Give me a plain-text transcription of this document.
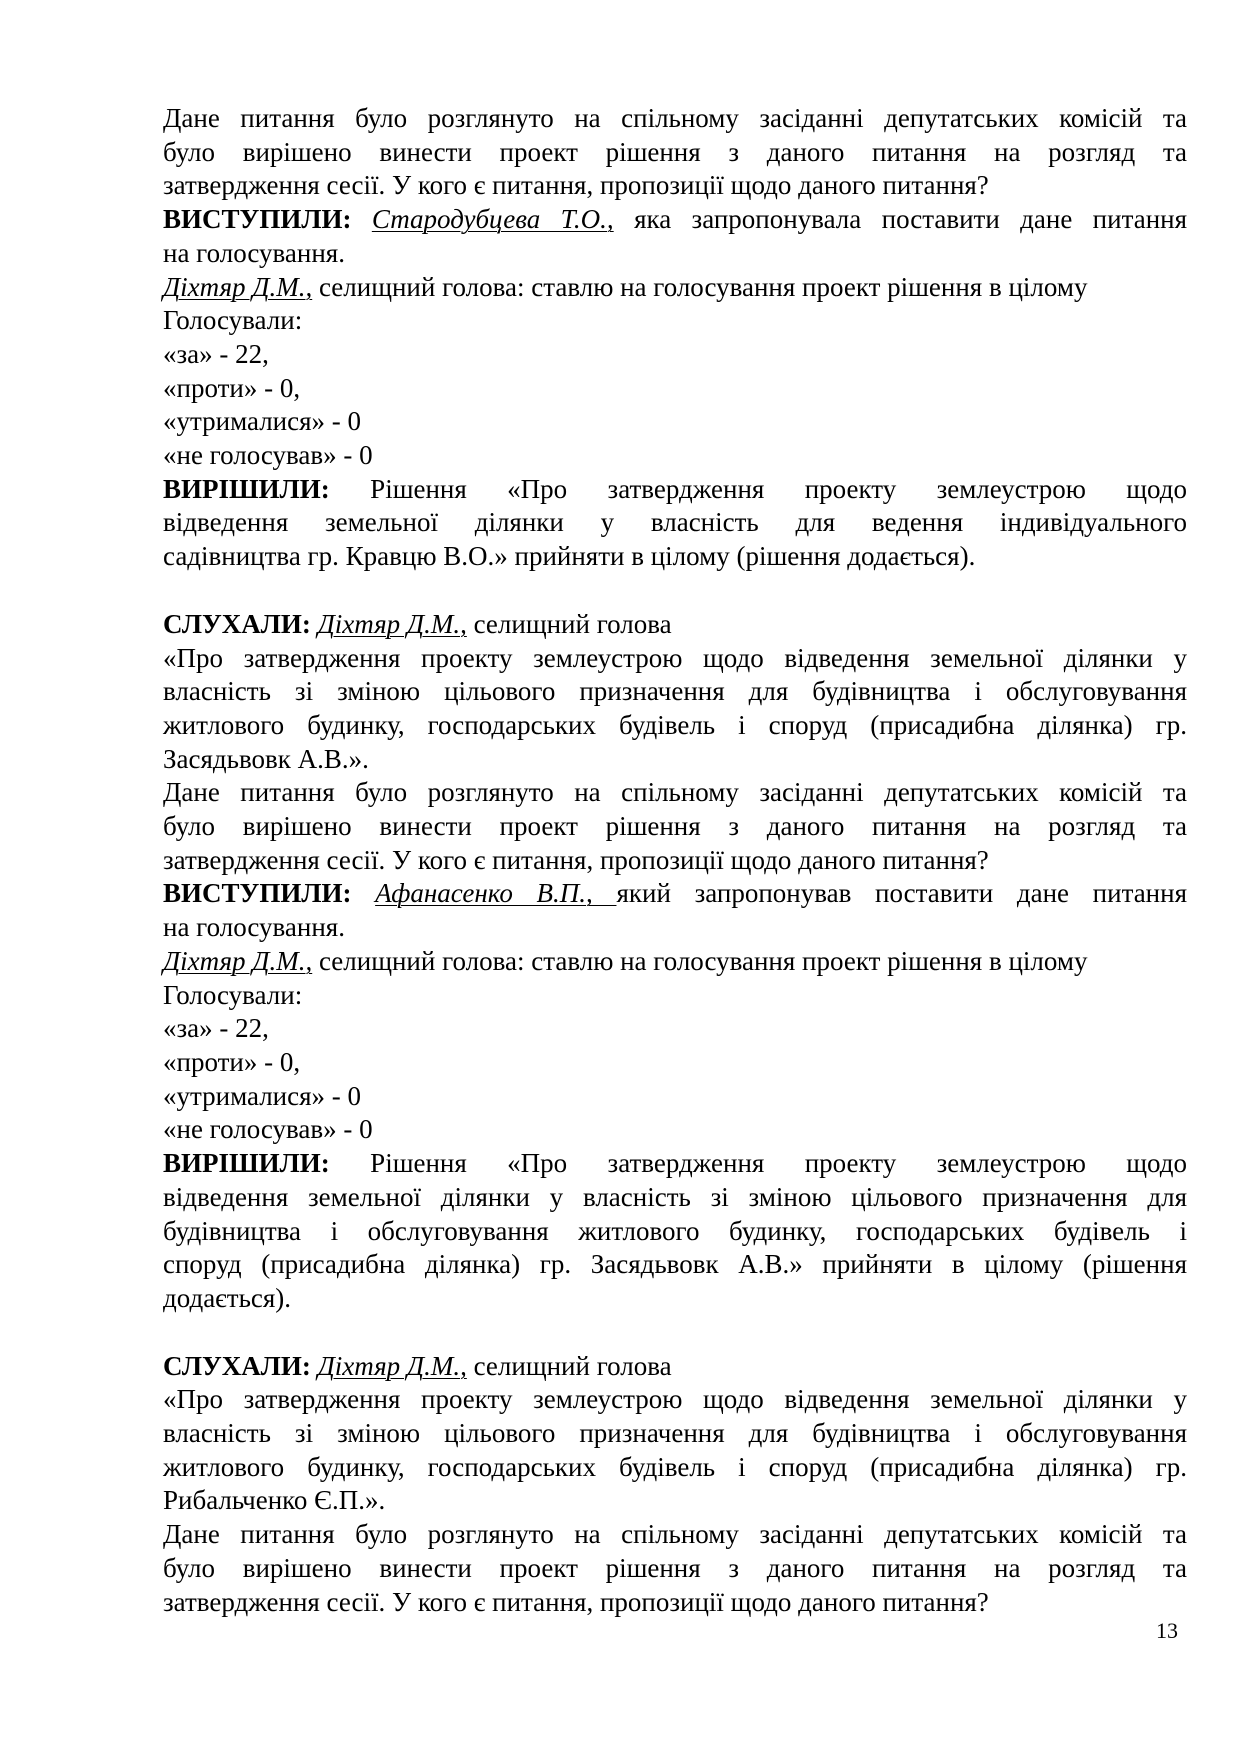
Дане питання було розглянуто на спільному засіданні депутатських комісій та
було вирішено винести проект рішення з даного питання на розгляд та
затвердження сесії. У кого є питання, пропозиції щодо даного питання?
ВИСТУПИЛИ: Стародубцева Т.О., яка запропонувала поставити дане питання
на голосування.
Діхтяр Д.М., селищний голова: ставлю на голосування проект рішення в цілому
Голосували:
«за» - 22,
«проти» - 0,
«утрималися» - 0
«не голосував» - 0
ВИРІШИЛИ: Рішення «Про затвердження проекту землеустрою щодо
відведення земельної ділянки у власність для ведення індивідуального
садівництва гр. Кравцю В.О.» прийняти в цілому (рішення додається).
СЛУХАЛИ: Діхтяр Д.М., селищний голова
«Про затвердження проекту землеустрою щодо відведення земельної ділянки у
власність зі зміною цільового призначення для будівництва і обслуговування
житлового будинку, господарських будівель і споруд (присадибна ділянка) гр.
Засядьвовк А.В.».
Дане питання було розглянуто на спільному засіданні депутатських комісій та
було вирішено винести проект рішення з даного питання на розгляд та
затвердження сесії. У кого є питання, пропозиції щодо даного питання?
ВИСТУПИЛИ: Афанасенко В.П., який запропонував поставити дане питання
на голосування.
Діхтяр Д.М., селищний голова: ставлю на голосування проект рішення в цілому
Голосували:
«за» - 22,
«проти» - 0,
«утрималися» - 0
«не голосував» - 0
ВИРІШИЛИ: Рішення «Про затвердження проекту землеустрою щодо
відведення земельної ділянки у власність зі зміною цільового призначення для
будівництва і обслуговування житлового будинку, господарських будівель і
споруд (присадибна ділянка) гр. Засядьвовк А.В.» прийняти в цілому (рішення
додається).
СЛУХАЛИ: Діхтяр Д.М., селищний голова
«Про затвердження проекту землеустрою щодо відведення земельної ділянки у
власність зі зміною цільового призначення для будівництва і обслуговування
житлового будинку, господарських будівель і споруд (присадибна ділянка) гр.
Рибальченко Є.П.».
Дане питання було розглянуто на спільному засіданні депутатських комісій та
було вирішено винести проект рішення з даного питання на розгляд та
затвердження сесії. У кого є питання, пропозиції щодо даного питання?
13
